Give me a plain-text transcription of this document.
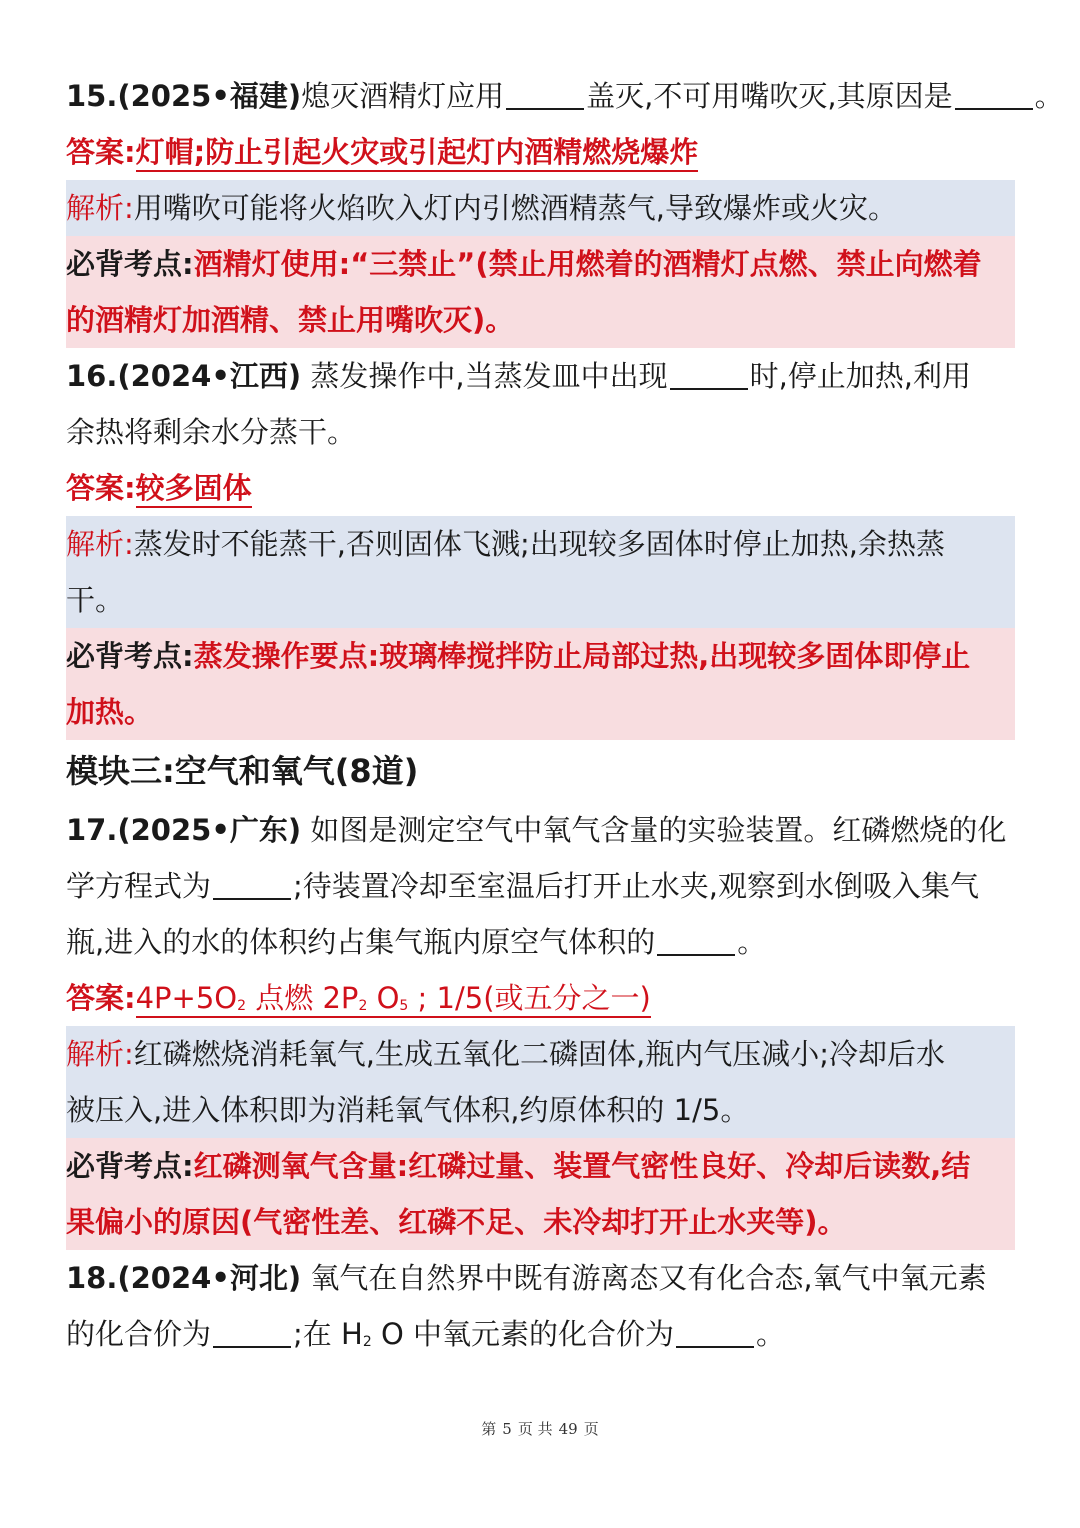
15.(2025•福建)熄灭酒精灯应用	盖灭,不可用嘴吹灭,其原因是	。
答案:灯帽;防止引起火灾或引起灯内酒精燃烧爆炸
解析:用嘴吹可能将火焰吹入灯内引燃酒精蒸气,导致爆炸或火灾。
必背考点:酒精灯使用:“三禁止”(禁止用燃着的酒精灯点燃、禁止向燃着
的酒精灯加酒精、禁止用嘴吹灭)。
16.(2024•江西) 蒸发操作中,当蒸发皿中出现	时,停止加热,利用
余热将剩余水分蒸干。
答案:较多固体
解析:蒸发时不能蒸干,否则固体飞溅;出现较多固体时停止加热,余热蒸
干。
必背考点:蒸发操作要点:玻璃棒搅拌防止局部过热,出现较多固体即停止
加热。
模块三:空气和氧气(8道)
17.(2025•广东) 如图是测定空气中氧气含量的实验装置。红磷燃烧的化
学方程式为	;待装置冷却至室温后打开止水夹,观察到水倒吸入集气
瓶,进入的水的体积约占集气瓶内原空气体积的	。
答案$:4P+5O_2$ 点燃 $2P_2$ $O_5$ ; 1/5(或五分之一)
解析:红磷燃烧消耗氧气,生成五氧化二磷固体,瓶内气压减小;冷却后水
被压入,进入体积即为消耗氧气体积,约原体积的 1/5。
必背考点:红磷测氧气含量:红磷过量、装置气密性良好、冷却后读数,结
果偏小的原因(气密性差、红磷不足、未冷却打开止水夹等)。
18.(2024•河北) 氧气在自然界中既有游离态又有化合态,氧气中氧元素
的化合价为	;在 $H_2$ O 中氧元素的化合价为	。
第 5 页 共 49 页
